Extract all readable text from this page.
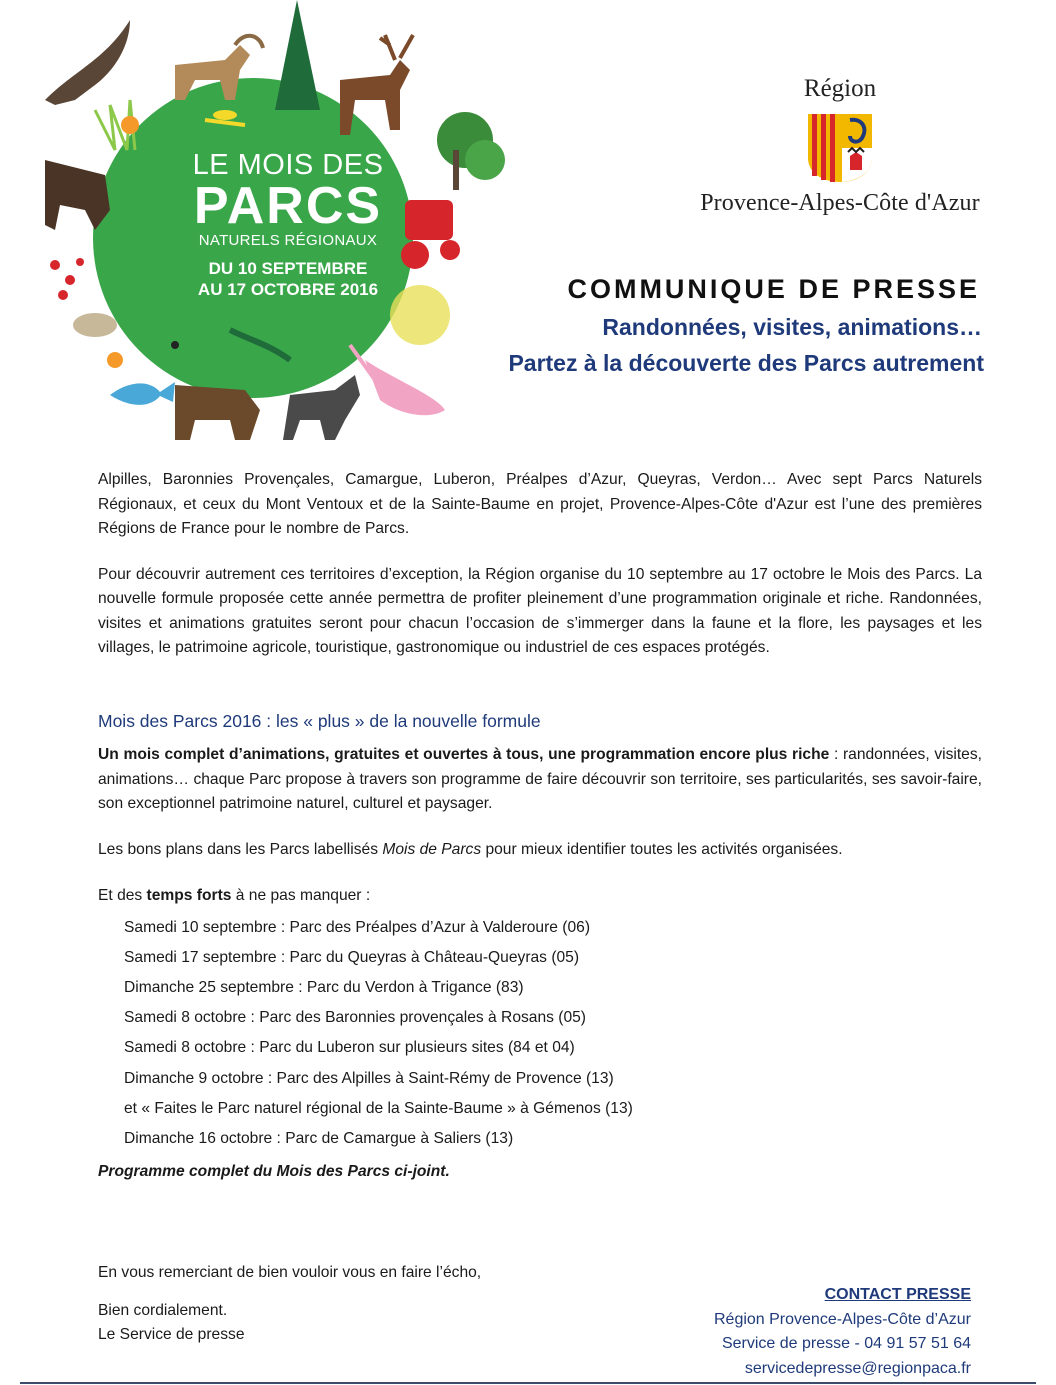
LE MOIS DES
PARCS
NATURELS RÉGIONAUX
DU 10 SEPTEMBRE
AU 17 OCTOBRE 2016
Région
Provence-Alpes-Côte d'Azur
COMMUNIQUE DE PRESSE
Randonnées, visites, animations…
Partez à la découverte des Parcs autrement

Alpilles, Baronnies Provençales, Camargue, Luberon, Préalpes d’Azur, Queyras, Verdon… Avec sept Parcs Naturels Régionaux, et ceux du Mont Ventoux et de la Sainte-Baume en projet, Provence-Alpes-Côte d'Azur est l’une des premières Régions de France pour le nombre de Parcs.

Pour découvrir autrement ces territoires d’exception, la Région organise du 10 septembre au 17 octobre le Mois des Parcs. La nouvelle formule proposée cette année permettra de profiter pleinement d’une programmation originale et riche. Randonnées, visites et animations gratuites seront pour chacun l’occasion de s’immerger dans la faune et la flore, les paysages et les villages, le patrimoine agricole, touristique, gastronomique ou industriel de ces espaces protégés.

Mois des Parcs 2016 : les « plus » de la nouvelle formule

Un mois complet d’animations, gratuites et ouvertes à tous, une programmation encore plus riche : randonnées, visites, animations… chaque Parc propose à travers son programme de faire découvrir son territoire, ses particularités, ses savoir-faire, son exceptionnel patrimoine naturel, culturel et paysager.

Les bons plans dans les Parcs labellisés Mois de Parcs pour mieux identifier toutes les activités organisées.

Et des temps forts à ne pas manquer :
Samedi 10 septembre : Parc des Préalpes d’Azur à Valderoure (06)
Samedi 17 septembre : Parc du Queyras à Château-Queyras (05)
Dimanche 25 septembre : Parc du Verdon à Trigance (83)
Samedi 8 octobre : Parc des Baronnies provençales à Rosans (05)
Samedi 8 octobre : Parc du Luberon sur plusieurs sites (84 et 04)
Dimanche 9 octobre : Parc des Alpilles à Saint-Rémy de Provence (13)
et « Faites le Parc naturel régional de la Sainte-Baume » à Gémenos (13)
Dimanche 16 octobre : Parc de Camargue à Saliers (13)
Programme complet du Mois des Parcs ci-joint.
En vous remerciant de bien vouloir vous en faire l’écho,
Bien cordialement.
Le Service de presse
CONTACT PRESSE
Région Provence-Alpes-Côte d’Azur
Service de presse - 04 91 57 51 64
servicedepresse@regionpaca.fr
